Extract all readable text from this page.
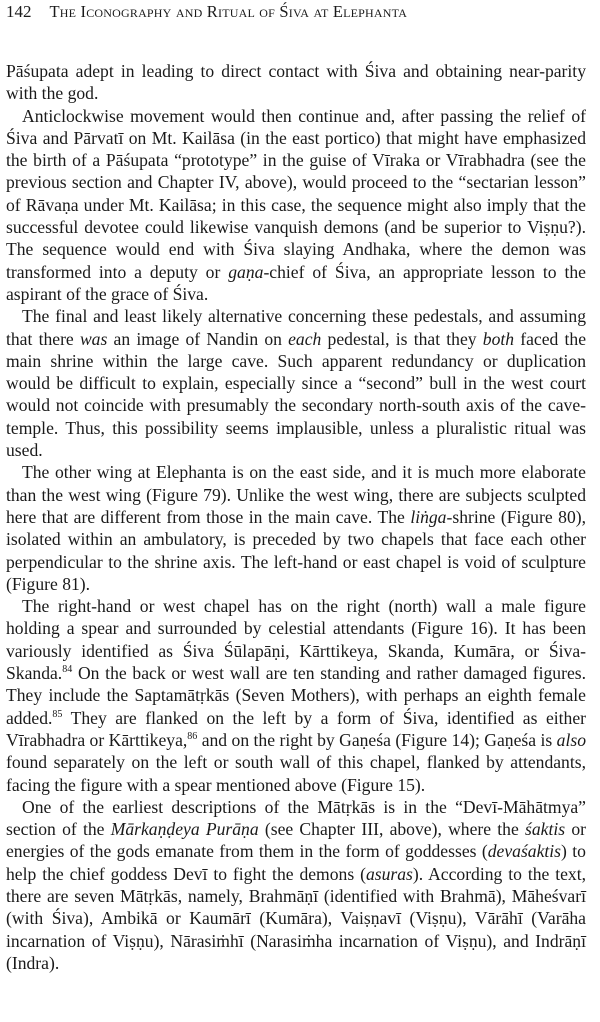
142 The Iconography and Ritual of Śiva at Elephanta

Pāśupata adept in leading to direct contact with Śiva and obtaining near-parity with the god.

Anticlockwise movement would then continue and, after passing the relief of Śiva and Pārvatī on Mt. Kailāsa (in the east portico) that might have emphasized the birth of a Pāśupata “prototype” in the guise of Vīraka or Vīrabhadra (see the previous section and Chapter IV, above), would proceed to the “sectarian lesson” of Rāvaṇa under Mt. Kailāsa; in this case, the sequence might also imply that the successful devotee could likewise vanquish demons (and be superior to Viṣṇu?). The sequence would end with Śiva slaying Andhaka, where the demon was transformed into a deputy or gaṇa-chief of Śiva, an appropriate lesson to the aspirant of the grace of Śiva.

The final and least likely alternative concerning these pedestals, and assuming that there was an image of Nandin on each pedestal, is that they both faced the main shrine within the large cave. Such apparent redundancy or duplication would be difficult to explain, especially since a “second” bull in the west court would not coincide with presumably the secondary north-south axis of the cave-temple. Thus, this possibility seems implausible, unless a pluralistic ritual was used.

The other wing at Elephanta is on the east side, and it is much more elaborate than the west wing (Figure 79). Unlike the west wing, there are subjects sculpted here that are different from those in the main cave. The liṅga-shrine (Figure 80), isolated within an ambulatory, is preceded by two chapels that face each other perpendicular to the shrine axis. The left-hand or east chapel is void of sculpture (Figure 81).

The right-hand or west chapel has on the right (north) wall a male figure holding a spear and surrounded by celestial attendants (Figure 16). It has been variously identified as Śiva Śūlapāṇi, Kārttikeya, Skanda, Kumāra, or Śiva-Skanda.$^{84}$ On the back or west wall are ten standing and rather damaged figures. They include the Saptamātṛkās (Seven Mothers), with perhaps an eighth female added.$^{85}$ They are flanked on the left by a form of Śiva, identified as either Vīrabhadra or Kārttikeya,$^{86}$ and on the right by Gaṇeśa (Figure 14); Gaṇeśa is also found separately on the left or south wall of this chapel, flanked by attendants, facing the figure with a spear mentioned above (Figure 15).

One of the earliest descriptions of the Mātṛkās is in the “Devī-Māhātmya” section of the Mārkaṇḍeya Purāṇa (see Chapter III, above), where the śaktis or energies of the gods emanate from them in the form of goddesses (devaśaktis) to help the chief goddess Devī to fight the demons (asuras). According to the text, there are seven Mātṛkās, namely, Brahmāṇī (identified with Brahmā), Māheśvarī (with Śiva), Ambikā or Kaumārī (Kumāra), Vaiṣṇavī (Viṣṇu), Vārāhī (Varāha incarnation of Viṣṇu), Nārasiṁhī (Narasiṁha incarnation of Viṣṇu), and Indrāṇī (Indra).
